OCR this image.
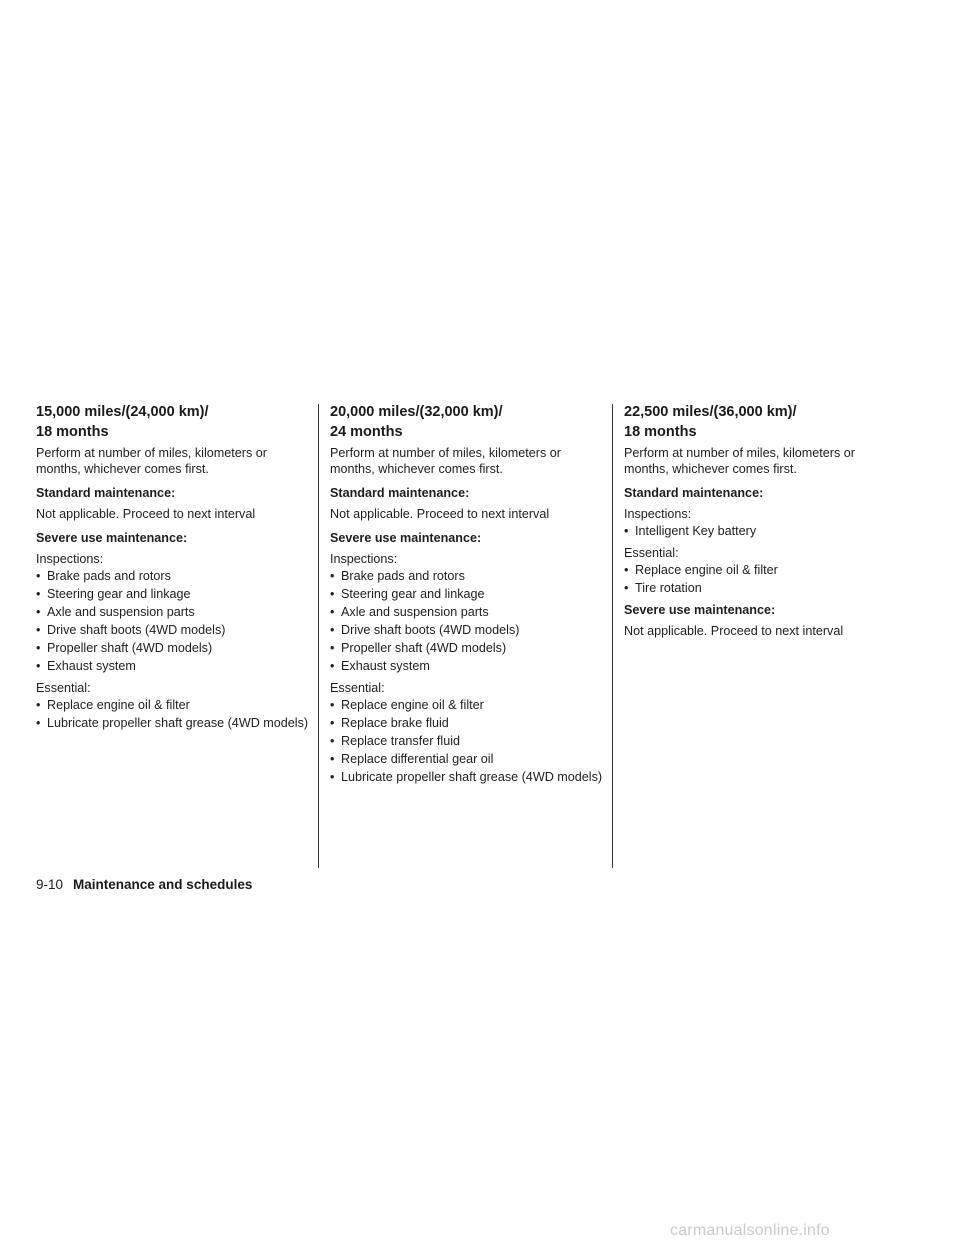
15,000 miles/(24,000 km)/
18 months

Perform at number of miles, kilometers or months, whichever comes first.

Standard maintenance:

Not applicable. Proceed to next interval

Severe use maintenance:

Inspections:

• Brake pads and rotors
• Steering gear and linkage
• Axle and suspension parts
• Drive shaft boots (4WD models)
• Propeller shaft (4WD models)
• Exhaust system

Essential:

• Replace engine oil & filter
• Lubricate propeller shaft grease (4WD models)
20,000 miles/(32,000 km)/
24 months

Perform at number of miles, kilometers or months, whichever comes first.

Standard maintenance:

Not applicable. Proceed to next interval

Severe use maintenance:

Inspections:

• Brake pads and rotors
• Steering gear and linkage
• Axle and suspension parts
• Drive shaft boots (4WD models)
• Propeller shaft (4WD models)
• Exhaust system

Essential:

• Replace engine oil & filter
• Replace brake fluid
• Replace transfer fluid
• Replace differential gear oil
• Lubricate propeller shaft grease (4WD models)
22,500 miles/(36,000 km)/
18 months

Perform at number of miles, kilometers or months, whichever comes first.

Standard maintenance:

Inspections:

• Intelligent Key battery

Essential:

• Replace engine oil & filter
• Tire rotation

Severe use maintenance:

Not applicable. Proceed to next interval

9-10 Maintenance and schedules
carmanualsonline.info
